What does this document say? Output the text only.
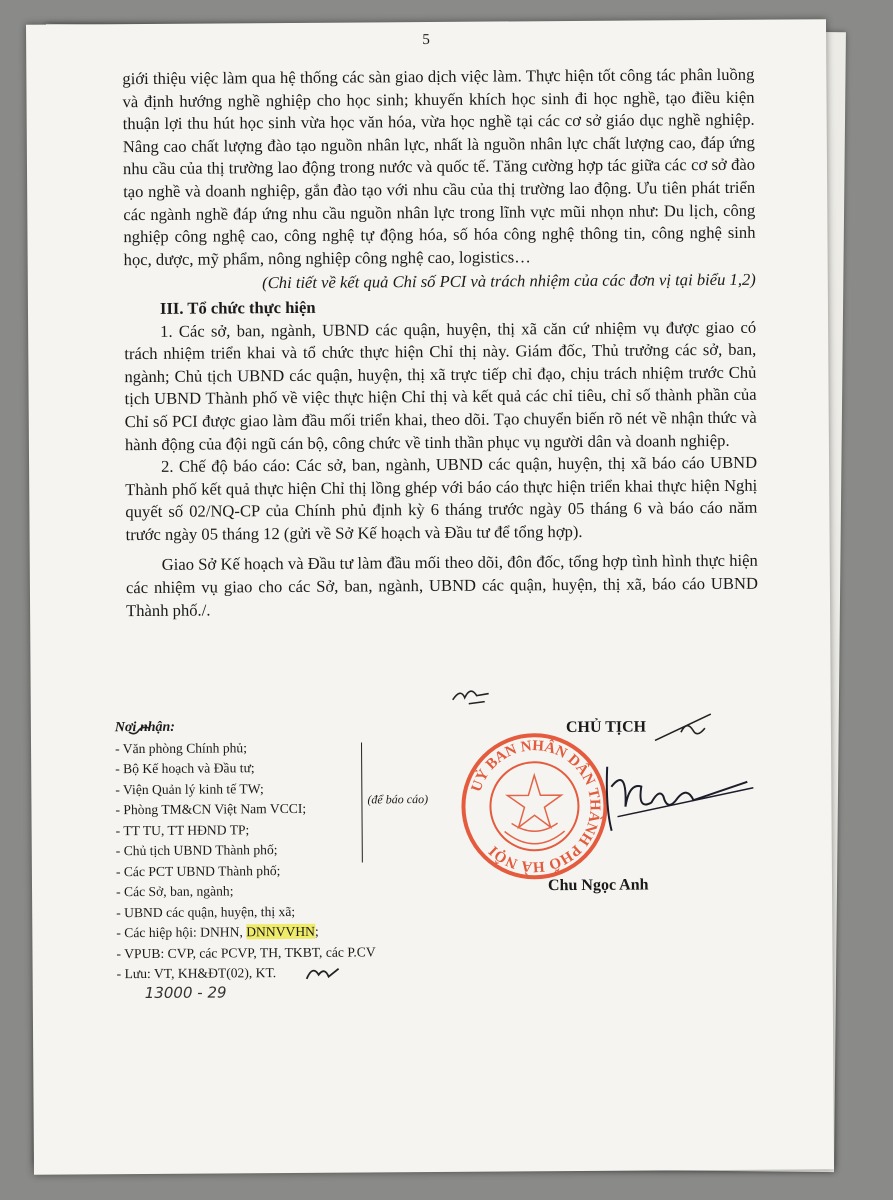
5

giới thiệu việc làm qua hệ thống các sàn giao dịch việc làm. Thực hiện tốt công tác phân luồng và định hướng nghề nghiệp cho học sinh; khuyến khích học sinh đi học nghề, tạo điều kiện thuận lợi thu hút học sinh vừa học văn hóa, vừa học nghề tại các cơ sở giáo dục nghề nghiệp. Nâng cao chất lượng đào tạo nguồn nhân lực, nhất là nguồn nhân lực chất lượng cao, đáp ứng nhu cầu của thị trường lao động trong nước và quốc tế. Tăng cường hợp tác giữa các cơ sở đào tạo nghề và doanh nghiệp, gắn đào tạo với nhu cầu của thị trường lao động. Ưu tiên phát triển các ngành nghề đáp ứng nhu cầu nguồn nhân lực trong lĩnh vực mũi nhọn như: Du lịch, công nghiệp công nghệ cao, công nghệ tự động hóa, số hóa công nghệ thông tin, công nghệ sinh học, dược, mỹ phẩm, nông nghiệp công nghệ cao, logistics…

(Chi tiết về kết quả Chỉ số PCI và trách nhiệm của các đơn vị tại biểu 1,2)

III. Tổ chức thực hiện

1. Các sở, ban, ngành, UBND các quận, huyện, thị xã căn cứ nhiệm vụ được giao có trách nhiệm triển khai và tổ chức thực hiện Chỉ thị này. Giám đốc, Thủ trưởng các sở, ban, ngành; Chủ tịch UBND các quận, huyện, thị xã trực tiếp chỉ đạo, chịu trách nhiệm trước Chủ tịch UBND Thành phố về việc thực hiện Chỉ thị và kết quả các chỉ tiêu, chỉ số thành phần của Chỉ số PCI được giao làm đầu mối triển khai, theo dõi. Tạo chuyển biến rõ nét về nhận thức và hành động của đội ngũ cán bộ, công chức về tinh thần phục vụ người dân và doanh nghiệp.

2. Chế độ báo cáo: Các sở, ban, ngành, UBND các quận, huyện, thị xã báo cáo UBND Thành phố kết quả thực hiện Chỉ thị lồng ghép với báo cáo thực hiện triển khai thực hiện Nghị quyết số 02/NQ-CP của Chính phủ định kỳ 6 tháng trước ngày 05 tháng 6 và báo cáo năm trước ngày 05 tháng 12 (gửi về Sở Kế hoạch và Đầu tư để tổng hợp).

Giao Sở Kế hoạch và Đầu tư làm đầu mối theo dõi, đôn đốc, tổng hợp tình hình thực hiện các nhiệm vụ giao cho các Sở, ban, ngành, UBND các quận, huyện, thị xã, báo cáo UBND Thành phố./.

Nơi nhận:
- Văn phòng Chính phủ;
- Bộ Kế hoạch và Đầu tư;
- Viện Quản lý kinh tế TW;
- Phòng TM&CN Việt Nam VCCI;
- TT TU, TT HĐND TP;
- Chủ tịch UBND Thành phố;
- Các PCT UBND Thành phố;
- Các Sở, ban, ngành;
- UBND các quận, huyện, thị xã;
- Các hiệp hội: DNHN, DNNVVHN;
- VPUB: CVP, các PCVP, TH, TKBT, các P.CV
- Lưu: VT, KH&ĐT(02), KT.
(để báo cáo)
CHỦ TỊCH
UỶ BAN NHÂN DÂN THÀNH PHỐ HÀ NỘI
Chu Ngọc Anh
13000 - 29
